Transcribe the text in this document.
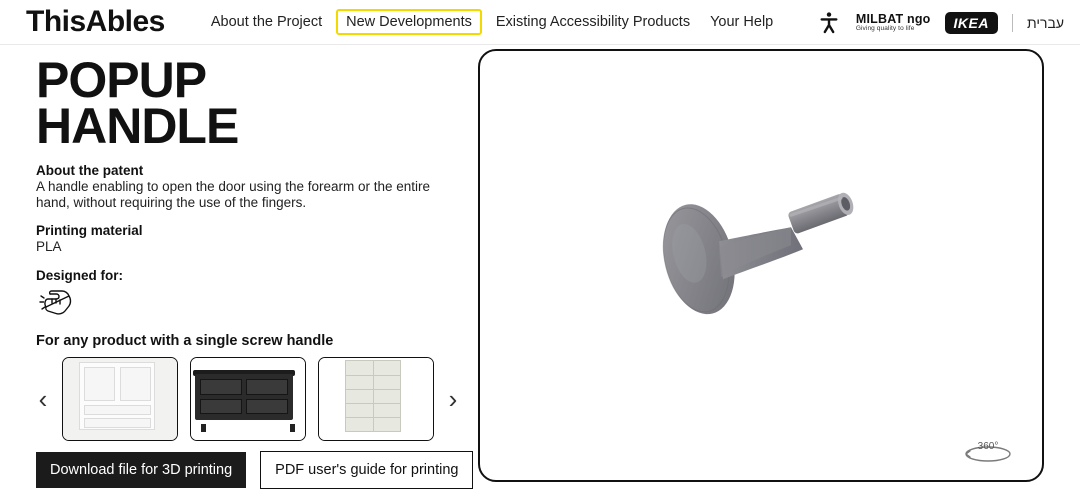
ThisAbles	About the Project	New Developments	Existing Accessibility Products	Your Help	MILBAT ngo
Giving quality to life	IKEA	עברית
POPUP
HANDLE
About the patent
A handle enabling to open the door using the forearm or the entire hand, without requiring the use of the fingers.
Printing material
PLA
Designed for:
For any product with a single screw handle
‹	›
Download file for 3D printing	PDF user's guide for printing
360°
